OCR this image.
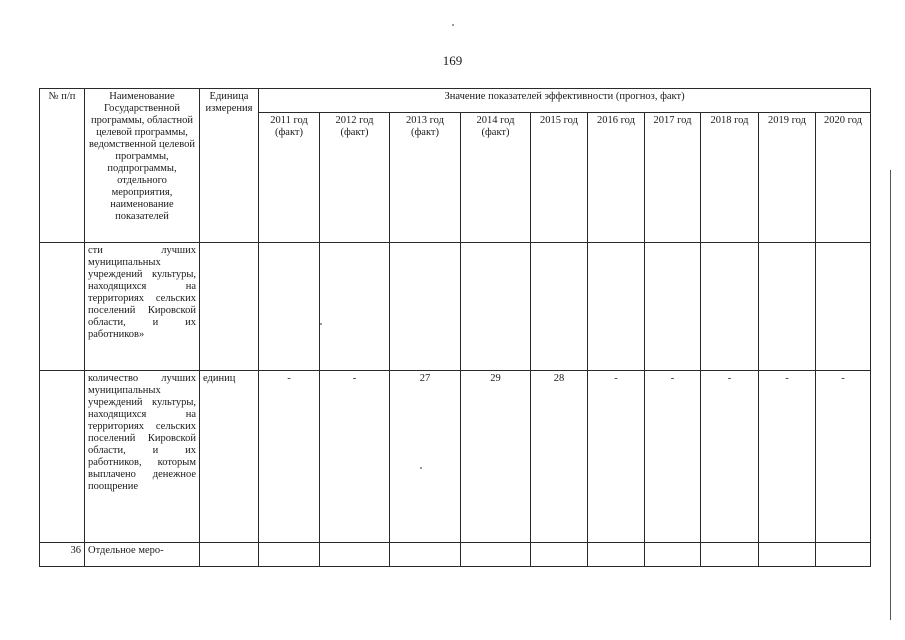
169
№ п/п	Наименование Государственной программы, областной целевой программы, ведомственной целевой программы, подпрограммы, отдельного мероприятия, наименование показателей	Единица измерения	Значение показателей эффективности (прогноз, факт)									
			2011 год (факт)	2012 год (факт)	2013 год (факт)	2014 год (факт)	2015 год	2016 год	2017 год	2018 год	2019 год	2020 год
	сти лучших муниципальных учреждений культуры, находящихся на территориях сельских поселений Кировской области, и их работников»											
	количество лучших муниципальных учреждений культуры, находящихся на территориях сельских поселений Кировской области, и их работников, которым выплачено денежное поощрение	единиц	-	-	27	29	28	-	-	-	-	-
36	Отдельное меро-											
